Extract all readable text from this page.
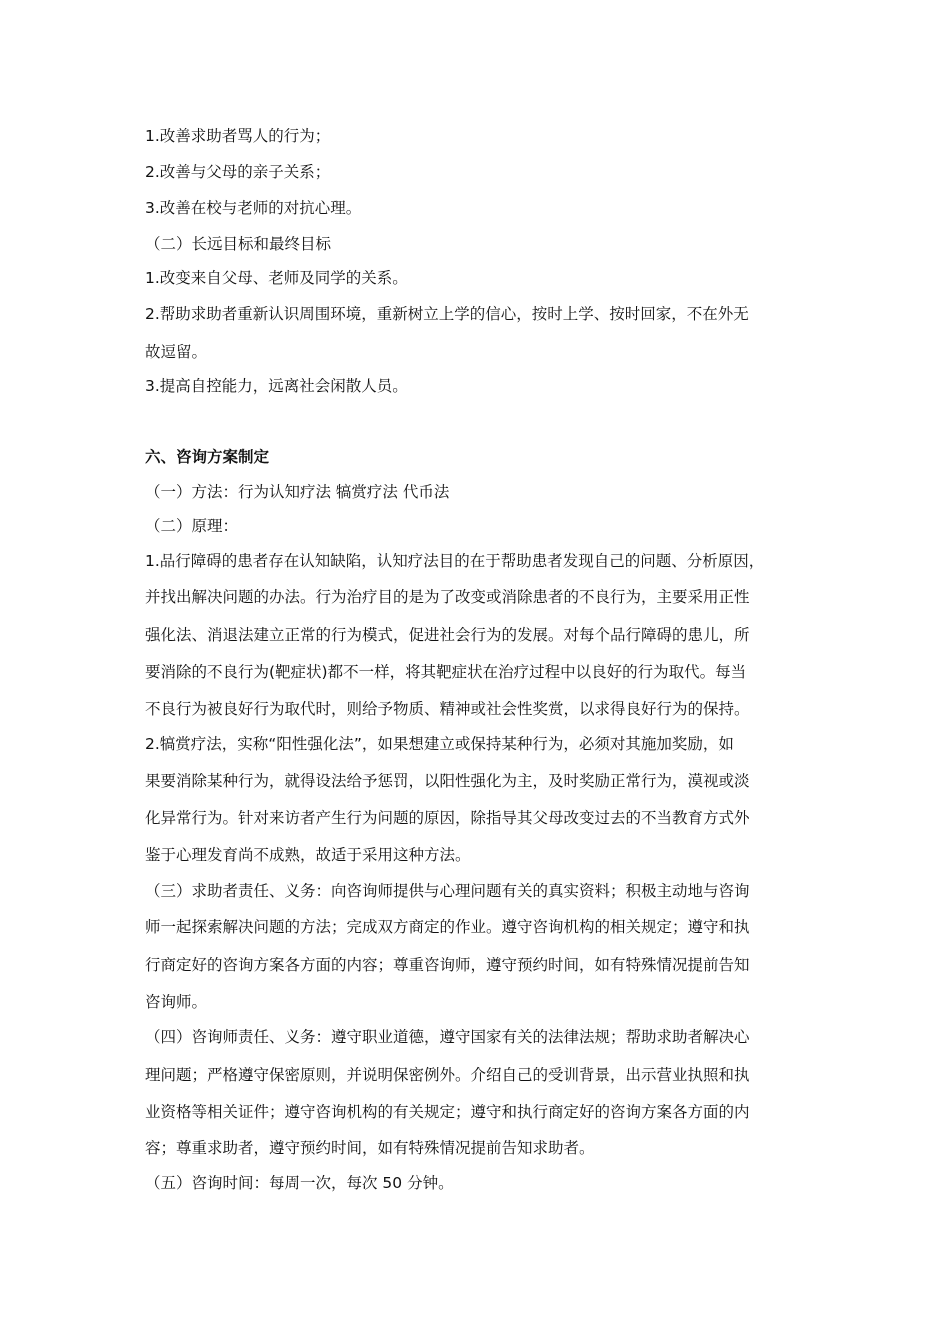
1.改善求助者骂人的行为；
2.改善与父母的亲子关系；
3.改善在校与老师的对抗心理。
（二）长远目标和最终目标
1.改变来自父母、老师及同学的关系。
2.帮助求助者重新认识周围环境，重新树立上学的信心，按时上学、按时回家，不在外无
故逗留。
3.提高自控能力，远离社会闲散人员。
六、咨询方案制定
（一）方法：行为认知疗法 犒赏疗法 代币法
（二）原理：
1.品行障碍的患者存在认知缺陷，认知疗法目的在于帮助患者发现自己的问题、分析原因，
并找出解决问题的办法。行为治疗目的是为了改变或消除患者的不良行为，主要采用正性
强化法、消退法建立正常的行为模式，促进社会行为的发展。对每个品行障碍的患儿，所
要消除的不良行为(靶症状)都不一样，将其靶症状在治疗过程中以良好的行为取代。每当
不良行为被良好行为取代时，则给予物质、精神或社会性奖赏，以求得良好行为的保持。
2.犒赏疗法，实称“阳性强化法”，如果想建立或保持某种行为，必须对其施加奖励，如
果要消除某种行为，就得设法给予惩罚，以阳性强化为主，及时奖励正常行为，漠视或淡
化异常行为。针对来访者产生行为问题的原因，除指导其父母改变过去的不当教育方式外
鉴于心理发育尚不成熟，故适于采用这种方法。
（三）求助者责任、义务：向咨询师提供与心理问题有关的真实资料；积极主动地与咨询
师一起探索解决问题的方法；完成双方商定的作业。遵守咨询机构的相关规定；遵守和执
行商定好的咨询方案各方面的内容；尊重咨询师，遵守预约时间，如有特殊情况提前告知
咨询师。
（四）咨询师责任、义务：遵守职业道德，遵守国家有关的法律法规；帮助求助者解决心
理问题；严格遵守保密原则，并说明保密例外。介绍自己的受训背景，出示营业执照和执
业资格等相关证件；遵守咨询机构的有关规定；遵守和执行商定好的咨询方案各方面的内
容；尊重求助者，遵守预约时间，如有特殊情况提前告知求助者。
（五）咨询时间：每周一次，每次 50 分钟。
